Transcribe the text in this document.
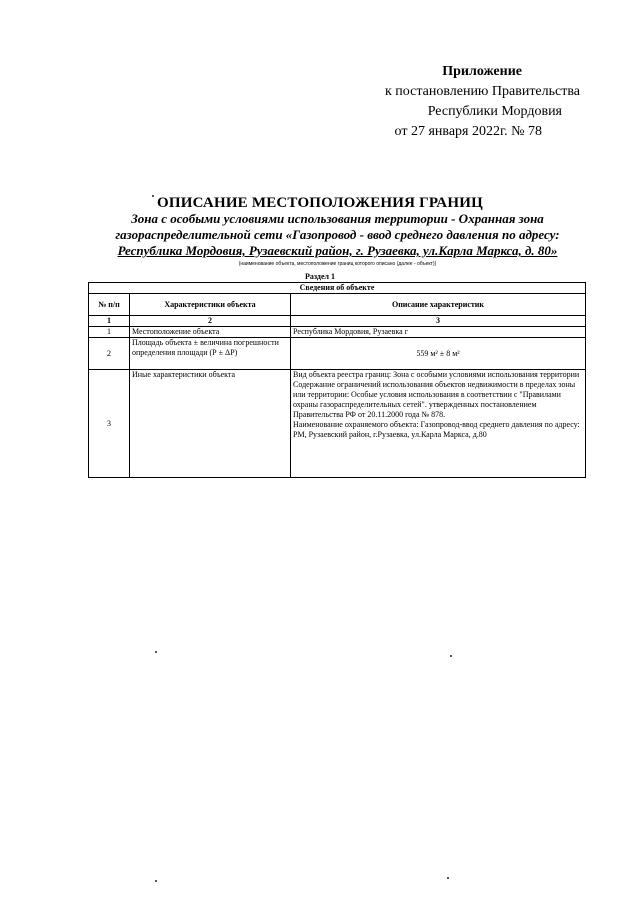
Приложение
к постановлению Правительства
Республики Мордовия
от 27 января 2022г. № 78
ОПИСАНИЕ МЕСТОПОЛОЖЕНИЯ ГРАНИЦ
Зона с особыми условиями использования территории - Охранная зона
газораспределительной сети «Газопровод - ввод среднего давления по адресу:
Республика Мордовия, Рузаевский район, г. Рузаевка, ул.Карла Маркса, д. 80»
(наименование объекта, местоположение границ которого описано (далее - объект))
Раздел 1
Сведения об объекте		
№ п/п	Характеристики объекта	Описание характеристик
1	2	3
1	Местоположение объекта	Республика Мордовия, Рузаевка г
2	Площадь объекта ± величина погрешности определения площади (Р ± ΔР)	559 м² ± 8 м²
3	Иные характеристики объекта	Вид объекта реестра границ: Зона с особыми условиями использования территории
Содержание ограничений использования объектов недвижимости в пределах зоны или территории: Особые условия использования в соответствии с "Правилами охраны газораспределительных сетей". утвержденных постановлением Правительства РФ от 20.11.2000 года № 878.
Наименование охраняемого объекта: Газопровод-ввод среднего давления по адресу: РМ, Рузаевский район, г.Рузаевка, ул.Карла Маркса, д.80
